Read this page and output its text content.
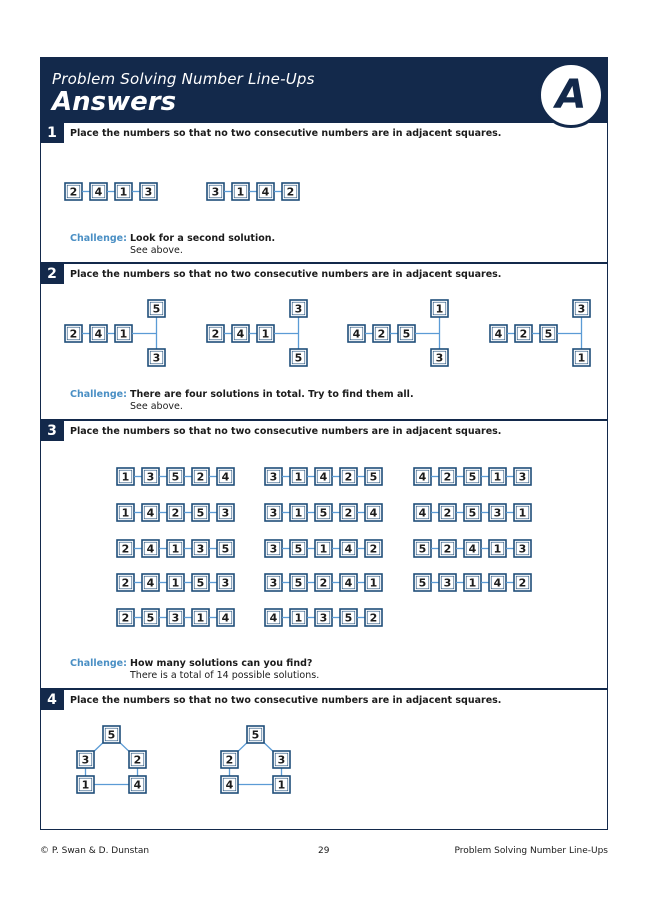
Problem Solving Number Line-Ups
Answers	A
1	Place the numbers so that no two consecutive numbers are in adjacent squares.
Challenge: Look for a second solution.
See above.
2	Place the numbers so that no two consecutive numbers are in adjacent squares.
Challenge: There are four solutions in total. Try to find them all.
See above.
3	Place the numbers so that no two consecutive numbers are in adjacent squares.
Challenge: How many solutions can you find?
There is a total of 14 possible solutions.
4	Place the numbers so that no two consecutive numbers are in adjacent squares.
2 4 1 3	3 1 4 2
2 4 1
5
3
2 4 1
3
5
4 2 5
1
3
4 2 5
3
1
1 3 5 2 4
1 4 2 5 3
2 4 1 3 5
2 4 1 5 3
2 5 3 1 4
3 1 4 2 5
3 1 5 2 4
3 5 1 4 2
3 5 2 4 1
4 1 3 5 2
4 2 5 1 3
4 2 5 3 1
5 2 4 1 3
5 3 1 4 2
5
3	2
1	4
5
2	3
4	1
© P. Swan & D. Dunstan	29	Problem Solving Number Line-Ups
